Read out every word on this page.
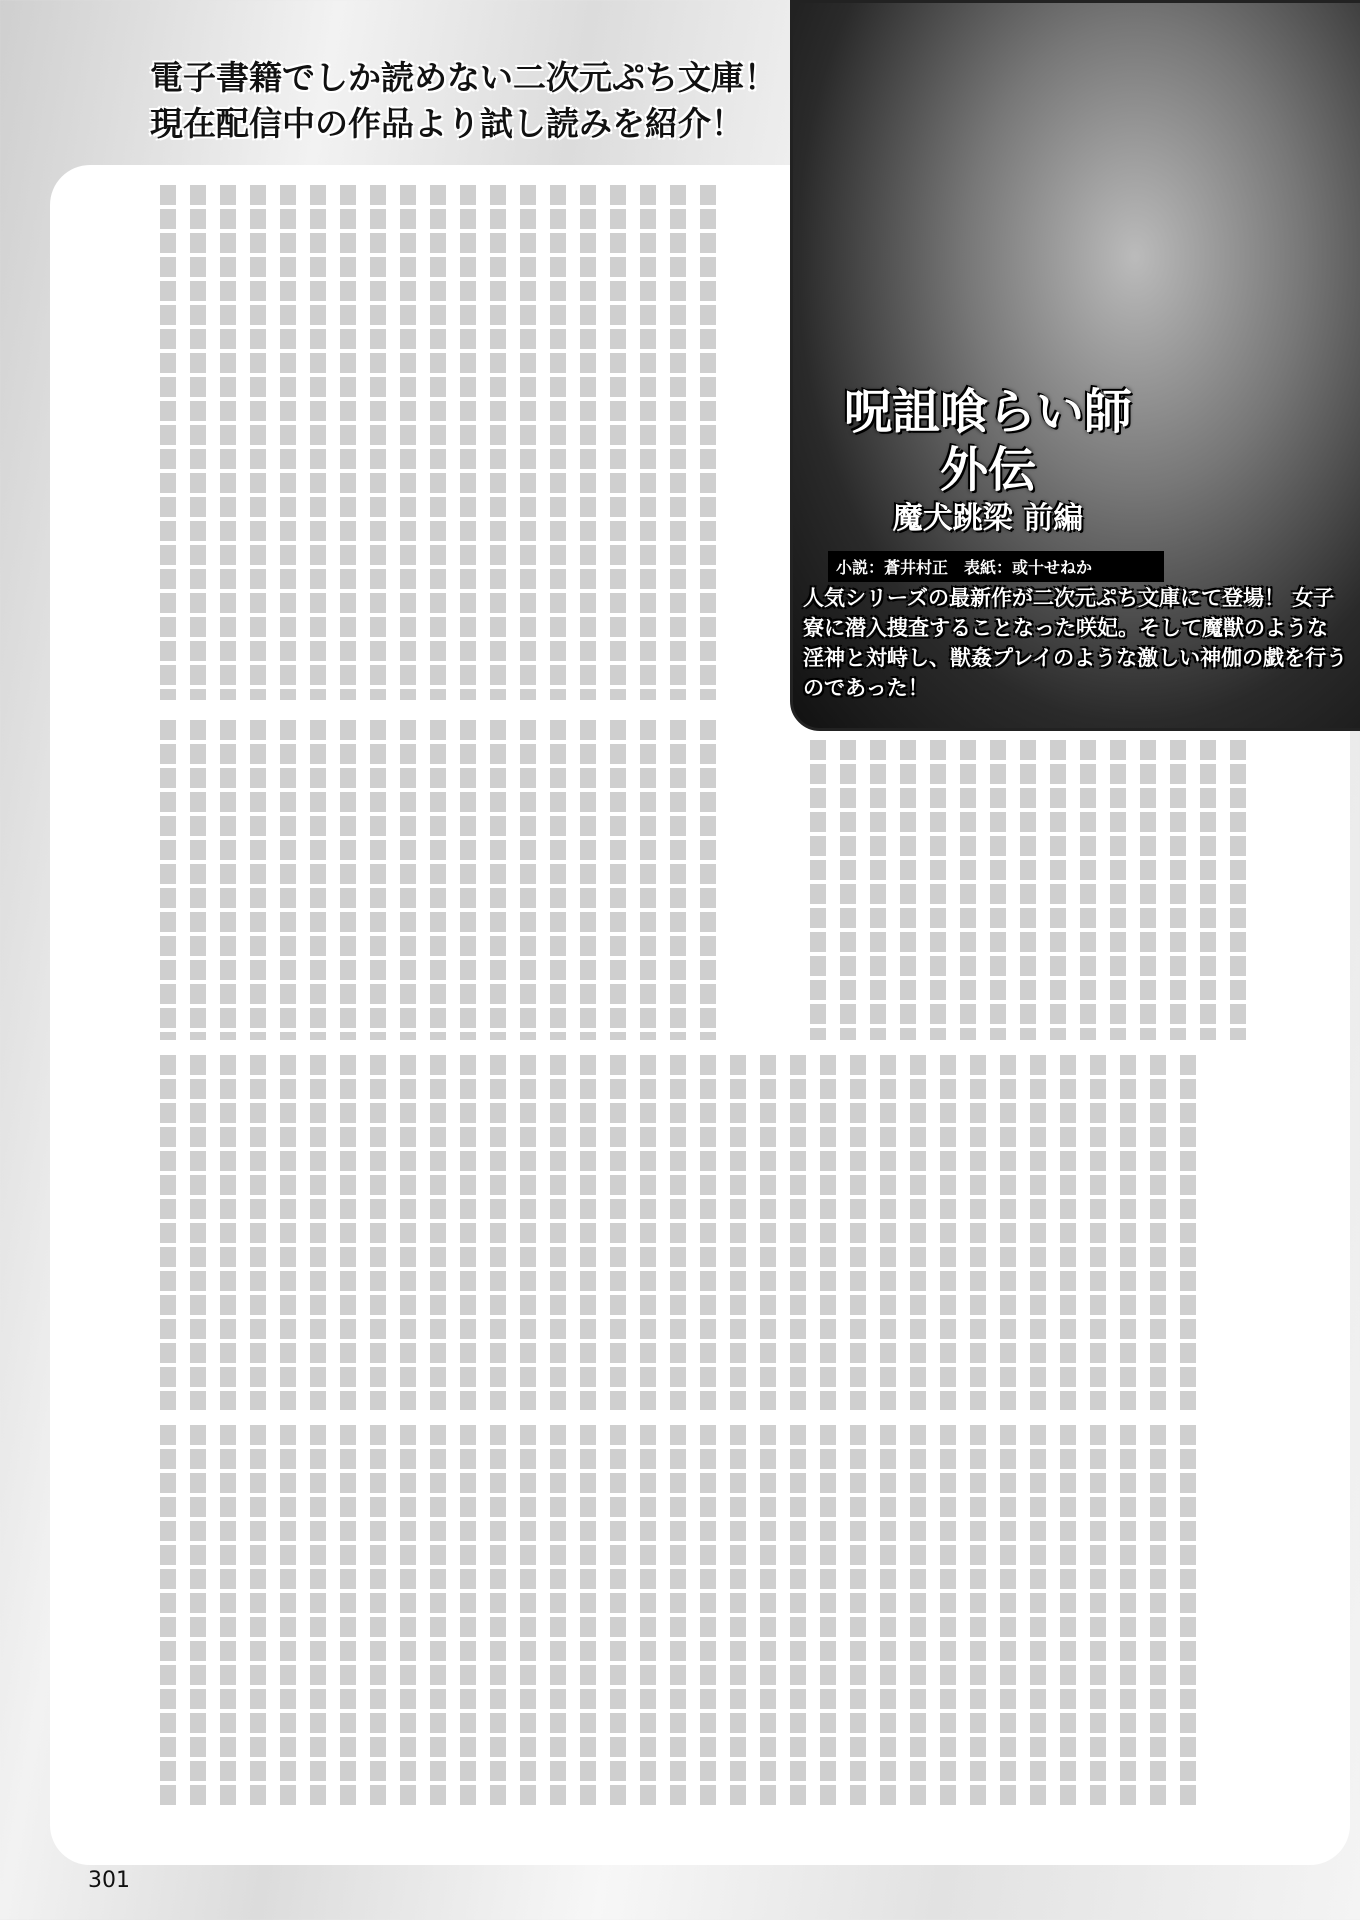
電子書籍でしか読めない二次元ぷち文庫！
現在配信中の作品より試し読みを紹介！
呪詛喰らい師
外伝
魔犬跳梁 前編
小説：蒼井村正　表紙：或十せねか
人気シリーズの最新作が二次元ぷち文庫にて登場！ 女子寮に潜入捜査することなった咲妃。そして魔獣のような淫神と対峙し、獣姦プレイのような激しい神伽の戯を行うのであった！
301
